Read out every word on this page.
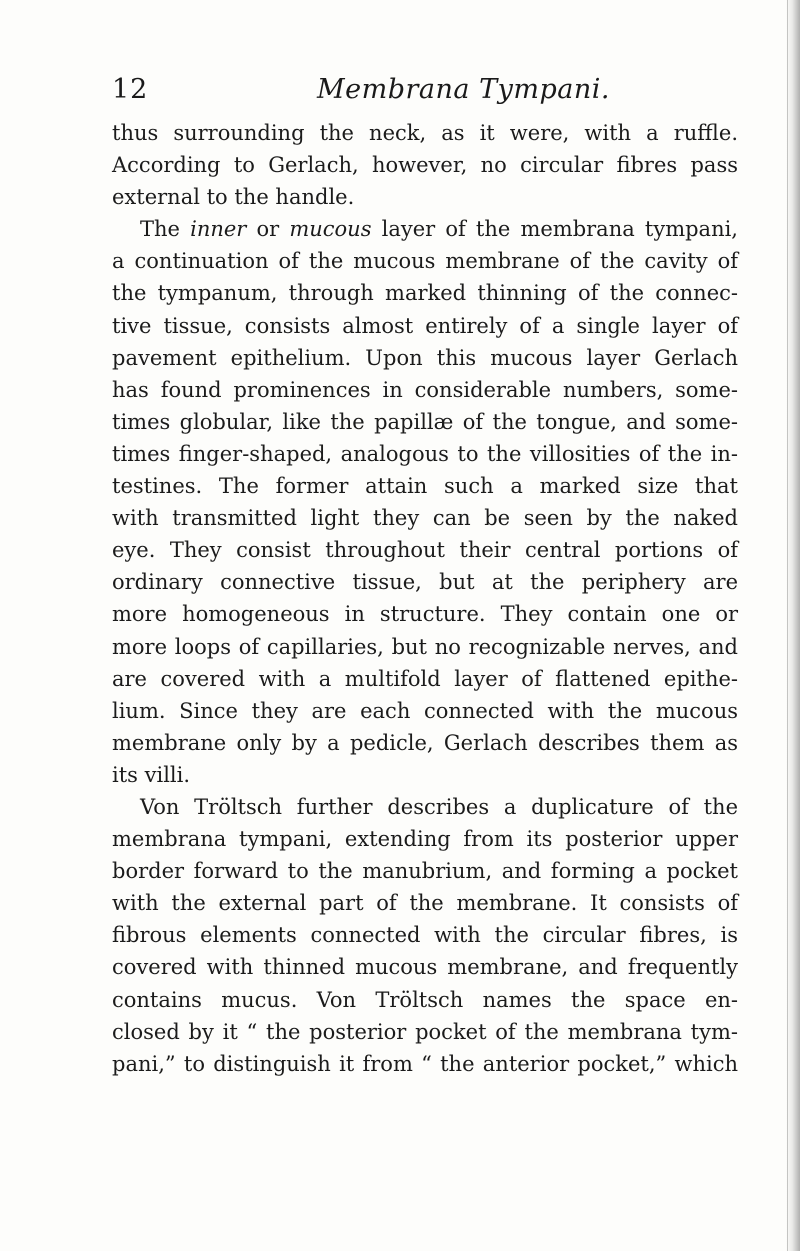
12	Membrana Tympani.
thus surrounding the neck, as it were, with a ruffle.
According to Gerlach, however, no circular fibres pass
external to the handle.
The inner or mucous layer of the membrana tympani,
a continuation of the mucous membrane of the cavity of
the tympanum, through marked thinning of the connec-
tive tissue, consists almost entirely of a single layer of
pavement epithelium. Upon this mucous layer Gerlach
has found prominences in considerable numbers, some-
times globular, like the papillæ of the tongue, and some-
times finger-shaped, analogous to the villosities of the in-
testines. The former attain such a marked size that
with transmitted light they can be seen by the naked
eye. They consist throughout their central portions of
ordinary connective tissue, but at the periphery are
more homogeneous in structure. They contain one or
more loops of capillaries, but no recognizable nerves, and
are covered with a multifold layer of flattened epithe-
lium. Since they are each connected with the mucous
membrane only by a pedicle, Gerlach describes them as
its villi.
Von Tröltsch further describes a duplicature of the
membrana tympani, extending from its posterior upper
border forward to the manubrium, and forming a pocket
with the external part of the membrane. It consists of
fibrous elements connected with the circular fibres, is
covered with thinned mucous membrane, and frequently
contains mucus. Von Tröltsch names the space en-
closed by it “ the posterior pocket of the membrana tym-
pani,” to distinguish it from “ the anterior pocket,” which
